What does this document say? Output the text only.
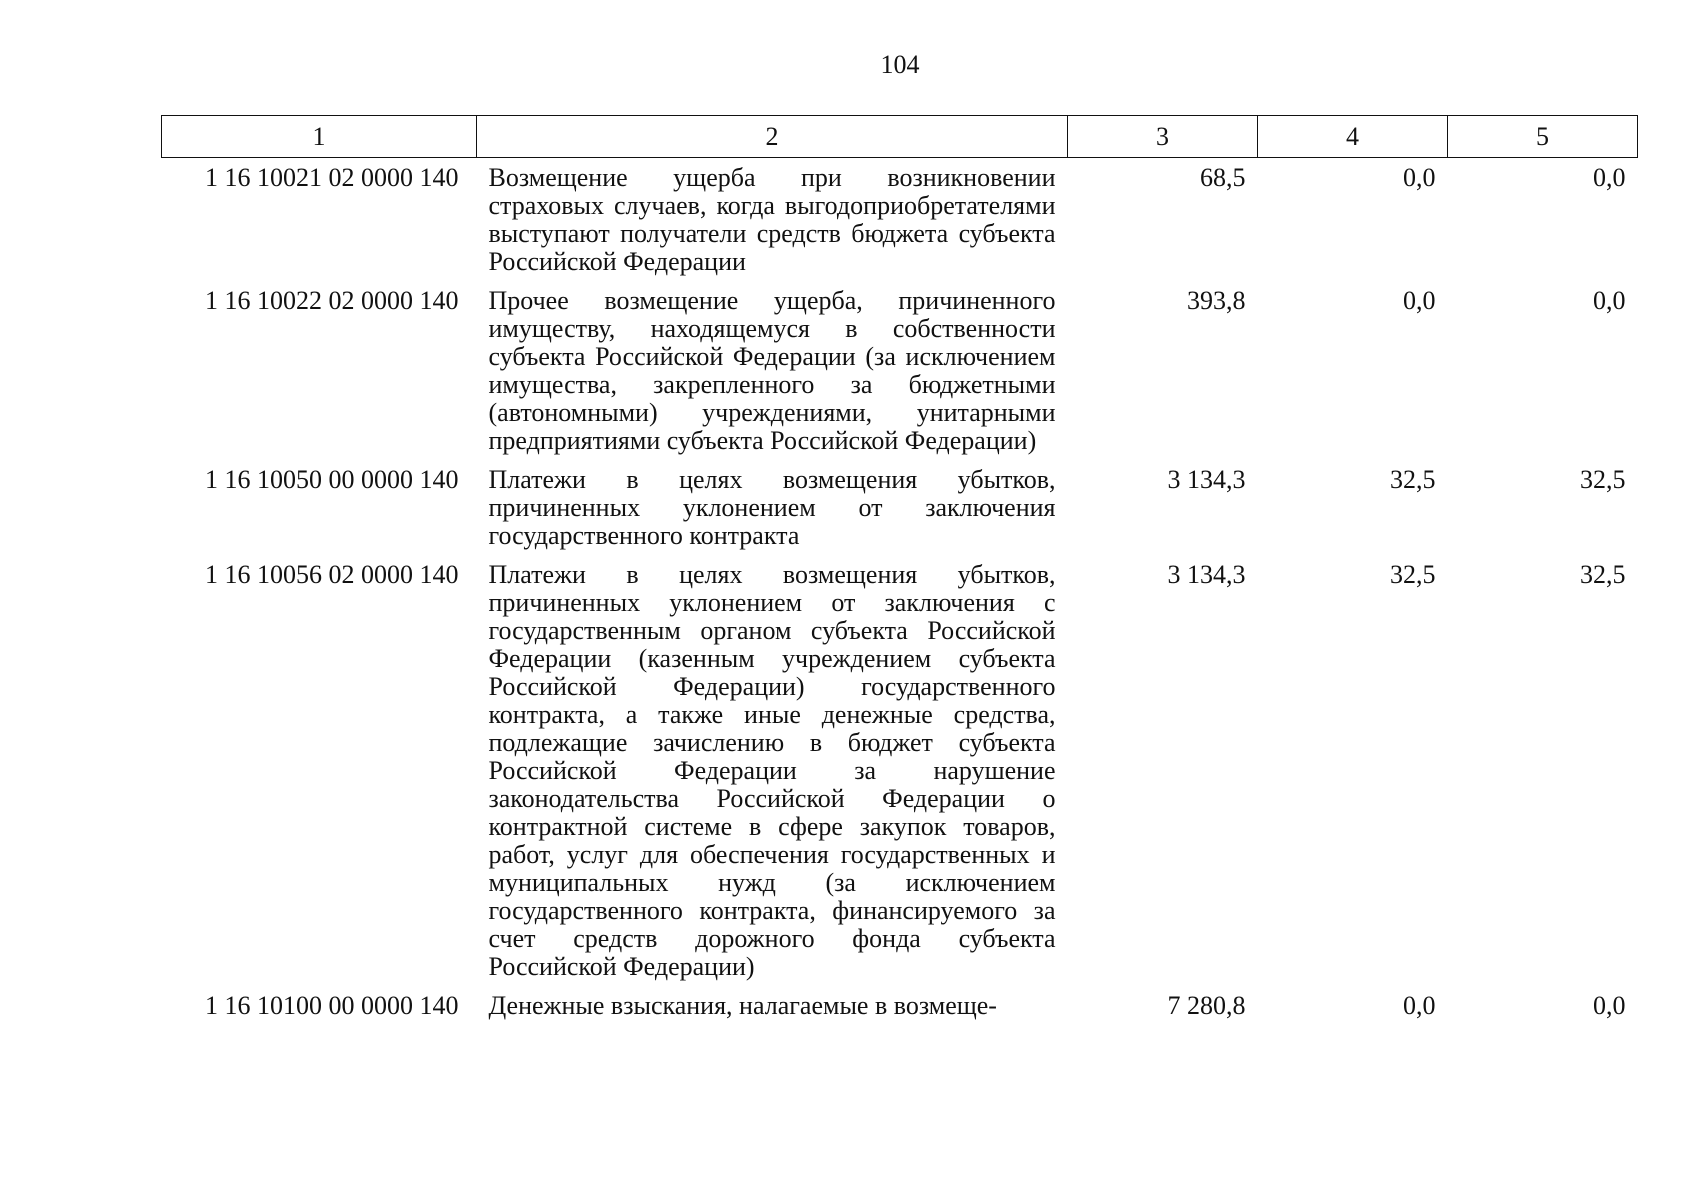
104
1	2	3	4	5
1 16 10021 02 0000 140	Возмещение ущерба при возникновении страховых случаев, когда выгодоприобретателями выступают получатели средств бюджета субъекта Российской Федерации	68,5	0,0	0,0
1 16 10022 02 0000 140	Прочее возмещение ущерба, причиненного имуществу, находящемуся в собственности субъекта Российской Федерации (за исключением имущества, закрепленного за бюджетными (автономными) учреждениями, унитарными предприятиями субъекта Российской Федерации)	393,8	0,0	0,0
1 16 10050 00 0000 140	Платежи в целях возмещения убытков, причиненных уклонением от заключения государственного контракта	3 134,3	32,5	32,5
1 16 10056 02 0000 140	Платежи в целях возмещения убытков, причиненных уклонением от заключения с государственным органом субъекта Российской Федерации (казенным учреждением субъекта Российской Федерации) государственного контракта, а также иные денежные средства, подлежащие зачислению в бюджет субъекта Российской Федерации за нарушение законодательства Российской Федерации о контрактной системе в сфере закупок товаров, работ, услуг для обеспечения государственных и муниципальных нужд (за исключением государственного контракта, финансируемого за счет средств дорожного фонда субъекта Российской Федерации)	3 134,3	32,5	32,5
1 16 10100 00 0000 140	Денежные взыскания, налагаемые в возмеще-	7 280,8	0,0	0,0
